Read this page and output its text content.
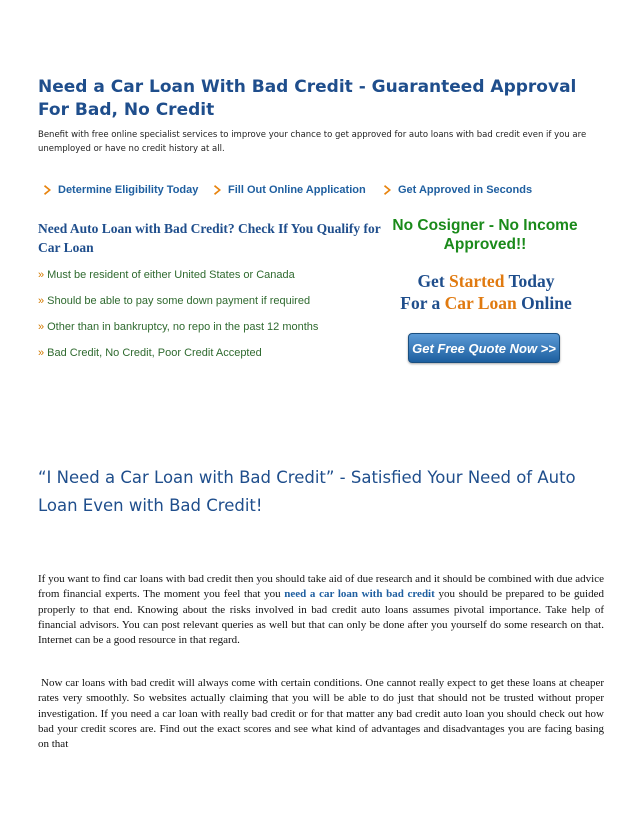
Need a Car Loan With Bad Credit - Guaranteed Approval For Bad, No Credit
Benefit with free online specialist services to improve your chance to get approved for auto loans with bad credit even if you are unemployed or have no credit history at all.
Determine Eligibility Today	Fill Out Online Application	Get Approved in Seconds
Need Auto Loan with Bad Credit? Check If You Qualify for Car Loan
» Must be resident of either United States or Canada
» Should be able to pay some down payment if required
» Other than in bankruptcy, no repo in the past 12 months
» Bad Credit, No Credit, Poor Credit Accepted
No Cosigner - No Income Approved!!
Get Started Today
For a Car Loan Online
Get Free Quote Now >>
“I Need a Car Loan with Bad Credit” - Satisfied Your Need of Auto Loan Even with Bad Credit!
If you want to find car loans with bad credit then you should take aid of due research and it should be combined with due advice from financial experts. The moment you feel that you need a car loan with bad credit you should be prepared to be guided properly to that end. Knowing about the risks involved in bad credit auto loans assumes pivotal importance. Take help of financial advisors. You can post relevant queries as well but that can only be done after you yourself do some research on that. Internet can be a good resource in that regard.
Now car loans with bad credit will always come with certain conditions. One cannot really expect to get these loans at cheaper rates very smoothly. So websites actually claiming that you will be able to do just that should not be trusted without proper investigation. If you need a car loan with really bad credit or for that matter any bad credit auto loan you should check out how bad your credit scores are. Find out the exact scores and see what kind of advantages and disadvantages you are facing basing on that
